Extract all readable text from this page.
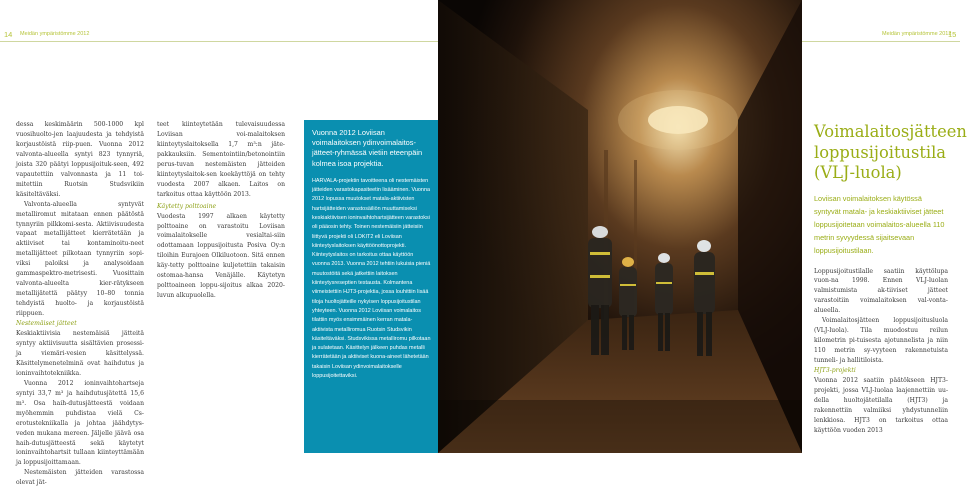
14 Meidän ympäristömme 2012	Meidän ympäristömme 2012
15

dessa keskimäärin 500-1000 kpl vuosihuolto-jen laajuudesta ja tehdyistä korjaustöistä riip-puen. Vuonna 2012 valvonta-alueella syntyi 823 tynnyriä, joista 320 päätyi loppusijoituk-seen, 492 vapautettiin valvonnasta ja 11 toi-mitettiin Ruotsin Studsvikiin käsiteltäväksi.

Valvonta-alueella syntyvät metalliromut mitataan ennen päätöstä tynnyriin pilkkomi-sesta. Aktiivisuudesta vapaat metallijätteet kierrätetään ja aktiiviset tai kontaminoitu-neet metallijätteet pilkotaan tynnyriin sopi-viksi paloiksi ja analysoidaan gammaspektro-metrisesti. Vuosittain valvonta-alueelta kier-rätykseen metallijätettä päätyy 10–80 tonnia tehdyistä huolto- ja korjaustöistä riippuen.

Nestemäiset jätteet

Keskiaktiivisia nestemäisiä jätteitä syntyy aktiivisuutta sisältävien prosessi- ja viemäri-vesien käsittelyssä. Käsittelymenetelminä ovat haihdutus ja ioninvaihtotekniikka.

Vuonna 2012 ioninvaihtohartseja syntyi 33,7 m³ ja haihdutusjätettä 15,6 m³. Osa haih-dutusjätteestä voidaan myöhemmin puhdistaa vielä Cs-erotustekniikalla ja johtaa jäähdytys-veden mukana mereen. Jäljelle jäävä osa haih-dutusjätteestä sekä käytetyt ioninvaihtohartsit tullaan kiinteyttämään ja loppusijoittamaan.

Nestemäisten jätteiden varastossa olevat jät-

teet kiinteytetään tulevaisuudessa Loviisan voi-malaitoksen kiinteytyslaitoksella 1,7 m³:n jäte-pakkauksiin. Sementointiin/betonointiin perus-tuvan nestemäisten jätteiden kiinteytyslaitok-sen koekäyttöjä on tehty vuodesta 2007 alkaen. Laitos on tarkoitus ottaa käyttöön 2013.

Käytetty polttoaine

Vuodesta 1997 alkaen käytetty polttoaine on varastoitu Loviisan voimalaitokselle vesialtai-siin odottamaan loppusijoitusta Posiva Oy:n tiloihin Eurajoen Olkiluotoon. Sitä ennen käy-tetty polttoaine kuljetettiin takaisin ostomaa-hansa Venäjälle. Käytetyn polttoaineen loppu-sijoitus alkaa 2020-luvun alkupuolella.

Vuonna 2012 Loviisan voimalaitoksen ydinvoimalaitos-jätteet-ryhmässä vietiin eteenpäin kolmea isoa projektia.
HARVALA-projektin tavoitteena oli nestemäisten jätteiden varastokapasiteetin lisääminen. Vuonna 2012 lopussa muutokset matala-aktiivisten hartsijätteiden varastosäiliön muuttamiseksi keskiaktiivisen ioninvaihtohartsijätteen varastoksi oli pääosin tehty. Toinen nestemäisiin jätteisiin liittyvä projekti oli LOKIT2 eli Loviisan kiinteytyslaitoksen käyttöönottoprojekti. Kiinteytyslaitos on tarkoitus ottaa käyttöön vuonna 2013. Vuonna 2012 tehtiin lukuisia pieniä muutostöitä sekä jatkettiin laitoksen kiinteytysreseptien testausta. Kolmantena viimeistettiin HJT3-projektia, jossa louhittiin lisää tiloja huoltojätteille nykyisen loppusijoitustilan yhteyteen. Vuonna 2012 Loviisan voimalaitos tilattiin myös ensimmäinen kerran matala-aktiivista metalliromua Ruotsin Studsvikin käsiteltäväksi. Studsvikissa metalliromu pilkotaan ja sulatetaan. Käsittelyn jälkeen puhdas metalli kierrätetään ja aktiiviset kuona-aineet lähetetään takaisin Loviisan ydinvoimalaitokselle loppusijoitettaviksi.
Voimalaitosjätteen loppusijoitustila (VLJ-luola)
Loviisan voimalaitoksen käytössä syntyvät matala- ja keskiaktiiviset jätteet loppusijoitetaan voimalaitos-alueella 110 metrin syvyydessä sijaitsevaan loppusijoitustilaan.

Loppusijoitustilalle saatiin käyttölupa vuon-na 1998. Ennen VLJ-luolan valmistumista ak-tiiviset jätteet varastoitiin voimalaitoksen val-vonta-alueella.

Voimalaitosjätteen loppusijoitusluola (VLJ-luola). Tila muodostuu reilun kilometrin pi-tuisesta ajotunnelista ja niin 110 metrin sy-vyyteen rakennetuista tunneli- ja hallitiloista.

HJT3-projekti

Vuonna 2012 saatiin päätökseen HJT3-projekti, jossa VLJ-luolaa laajennettiin uu-della huoltojätetilalla (HJT3) ja rakennettiin valmiiksi yhdystunneliin lenkkiosa. HJT3 on tarkoitus ottaa käyttöön vuoden 2013
